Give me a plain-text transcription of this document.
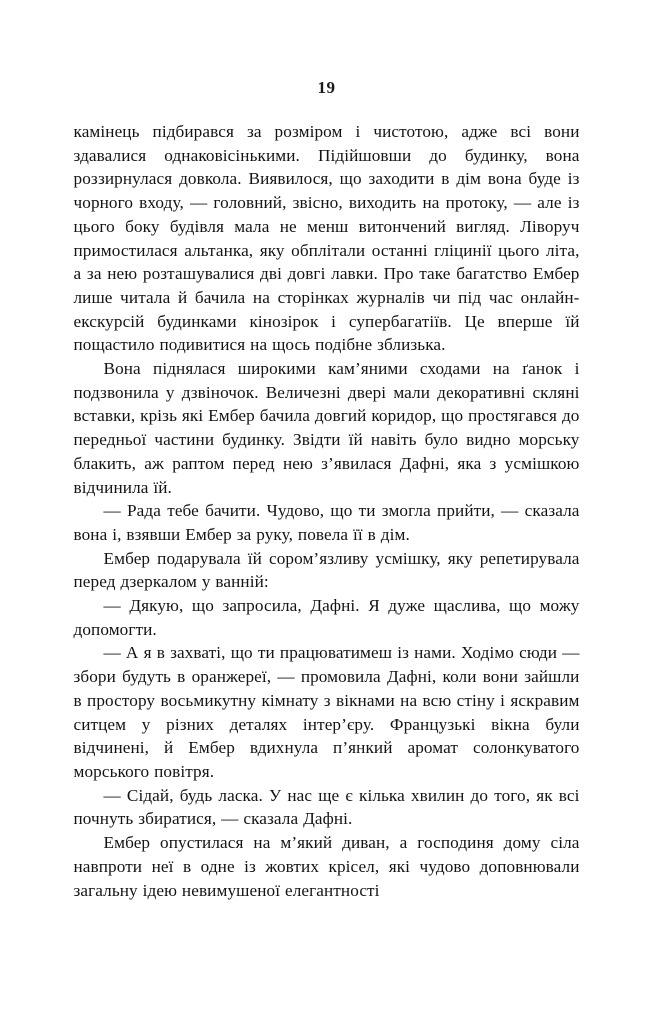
19

камінець підбирався за розміром і чистотою, адже всі вони здавалися однаковісінькими. Підійшовши до будинку, вона роззирнулася довкола. Виявилося, що заходити в дім вона буде із чорного входу, — головний, звісно, виходить на протоку, — але із цього боку будівля мала не менш витончений вигляд. Ліворуч примостилася альтанка, яку обплітали останні гліцинії цього літа, а за нею розташувалися дві довгі лавки. Про таке багатство Ембер лише читала й бачила на сторінках журналів чи під час онлайн-екскурсій будинками кінозірок і супербагатіїв. Це вперше їй пощастило подивитися на щось подібне зблизька.

Вона піднялася широкими кам’яними сходами на ґанок і подзвонила у дзвіночок. Величезні двері мали декоративні скляні вставки, крізь які Ембер бачила довгий коридор, що простягався до передньої частини будинку. Звідти їй навіть було видно морську блакить, аж раптом перед нею з’явилася Дафні, яка з усмішкою відчинила їй.

— Рада тебе бачити. Чудово, що ти змогла прийти, — сказала вона і, взявши Ембер за руку, повела її в дім.

Ембер подарувала їй сором’язливу усмішку, яку репетирувала перед дзеркалом у ванній:

— Дякую, що запросила, Дафні. Я дуже щаслива, що можу допомогти.

— А я в захваті, що ти працюватимеш із нами. Ходімо сюди — збори будуть в оранжереї, — промовила Дафні, коли вони зайшли в простору восьмикутну кімнату з вікнами на всю стіну і яскравим ситцем у різних деталях інтер’єру. Французькі вікна були відчинені, й Ембер вдихнула п’янкий аромат солонкуватого морського повітря.

— Сідай, будь ласка. У нас ще є кілька хвилин до того, як всі почнуть збиратися, — сказала Дафні.

Ембер опустилася на м’який диван, а господиня дому сіла навпроти неї в одне із жовтих крісел, які чудово доповнювали загальну ідею невимушеної елегантності
